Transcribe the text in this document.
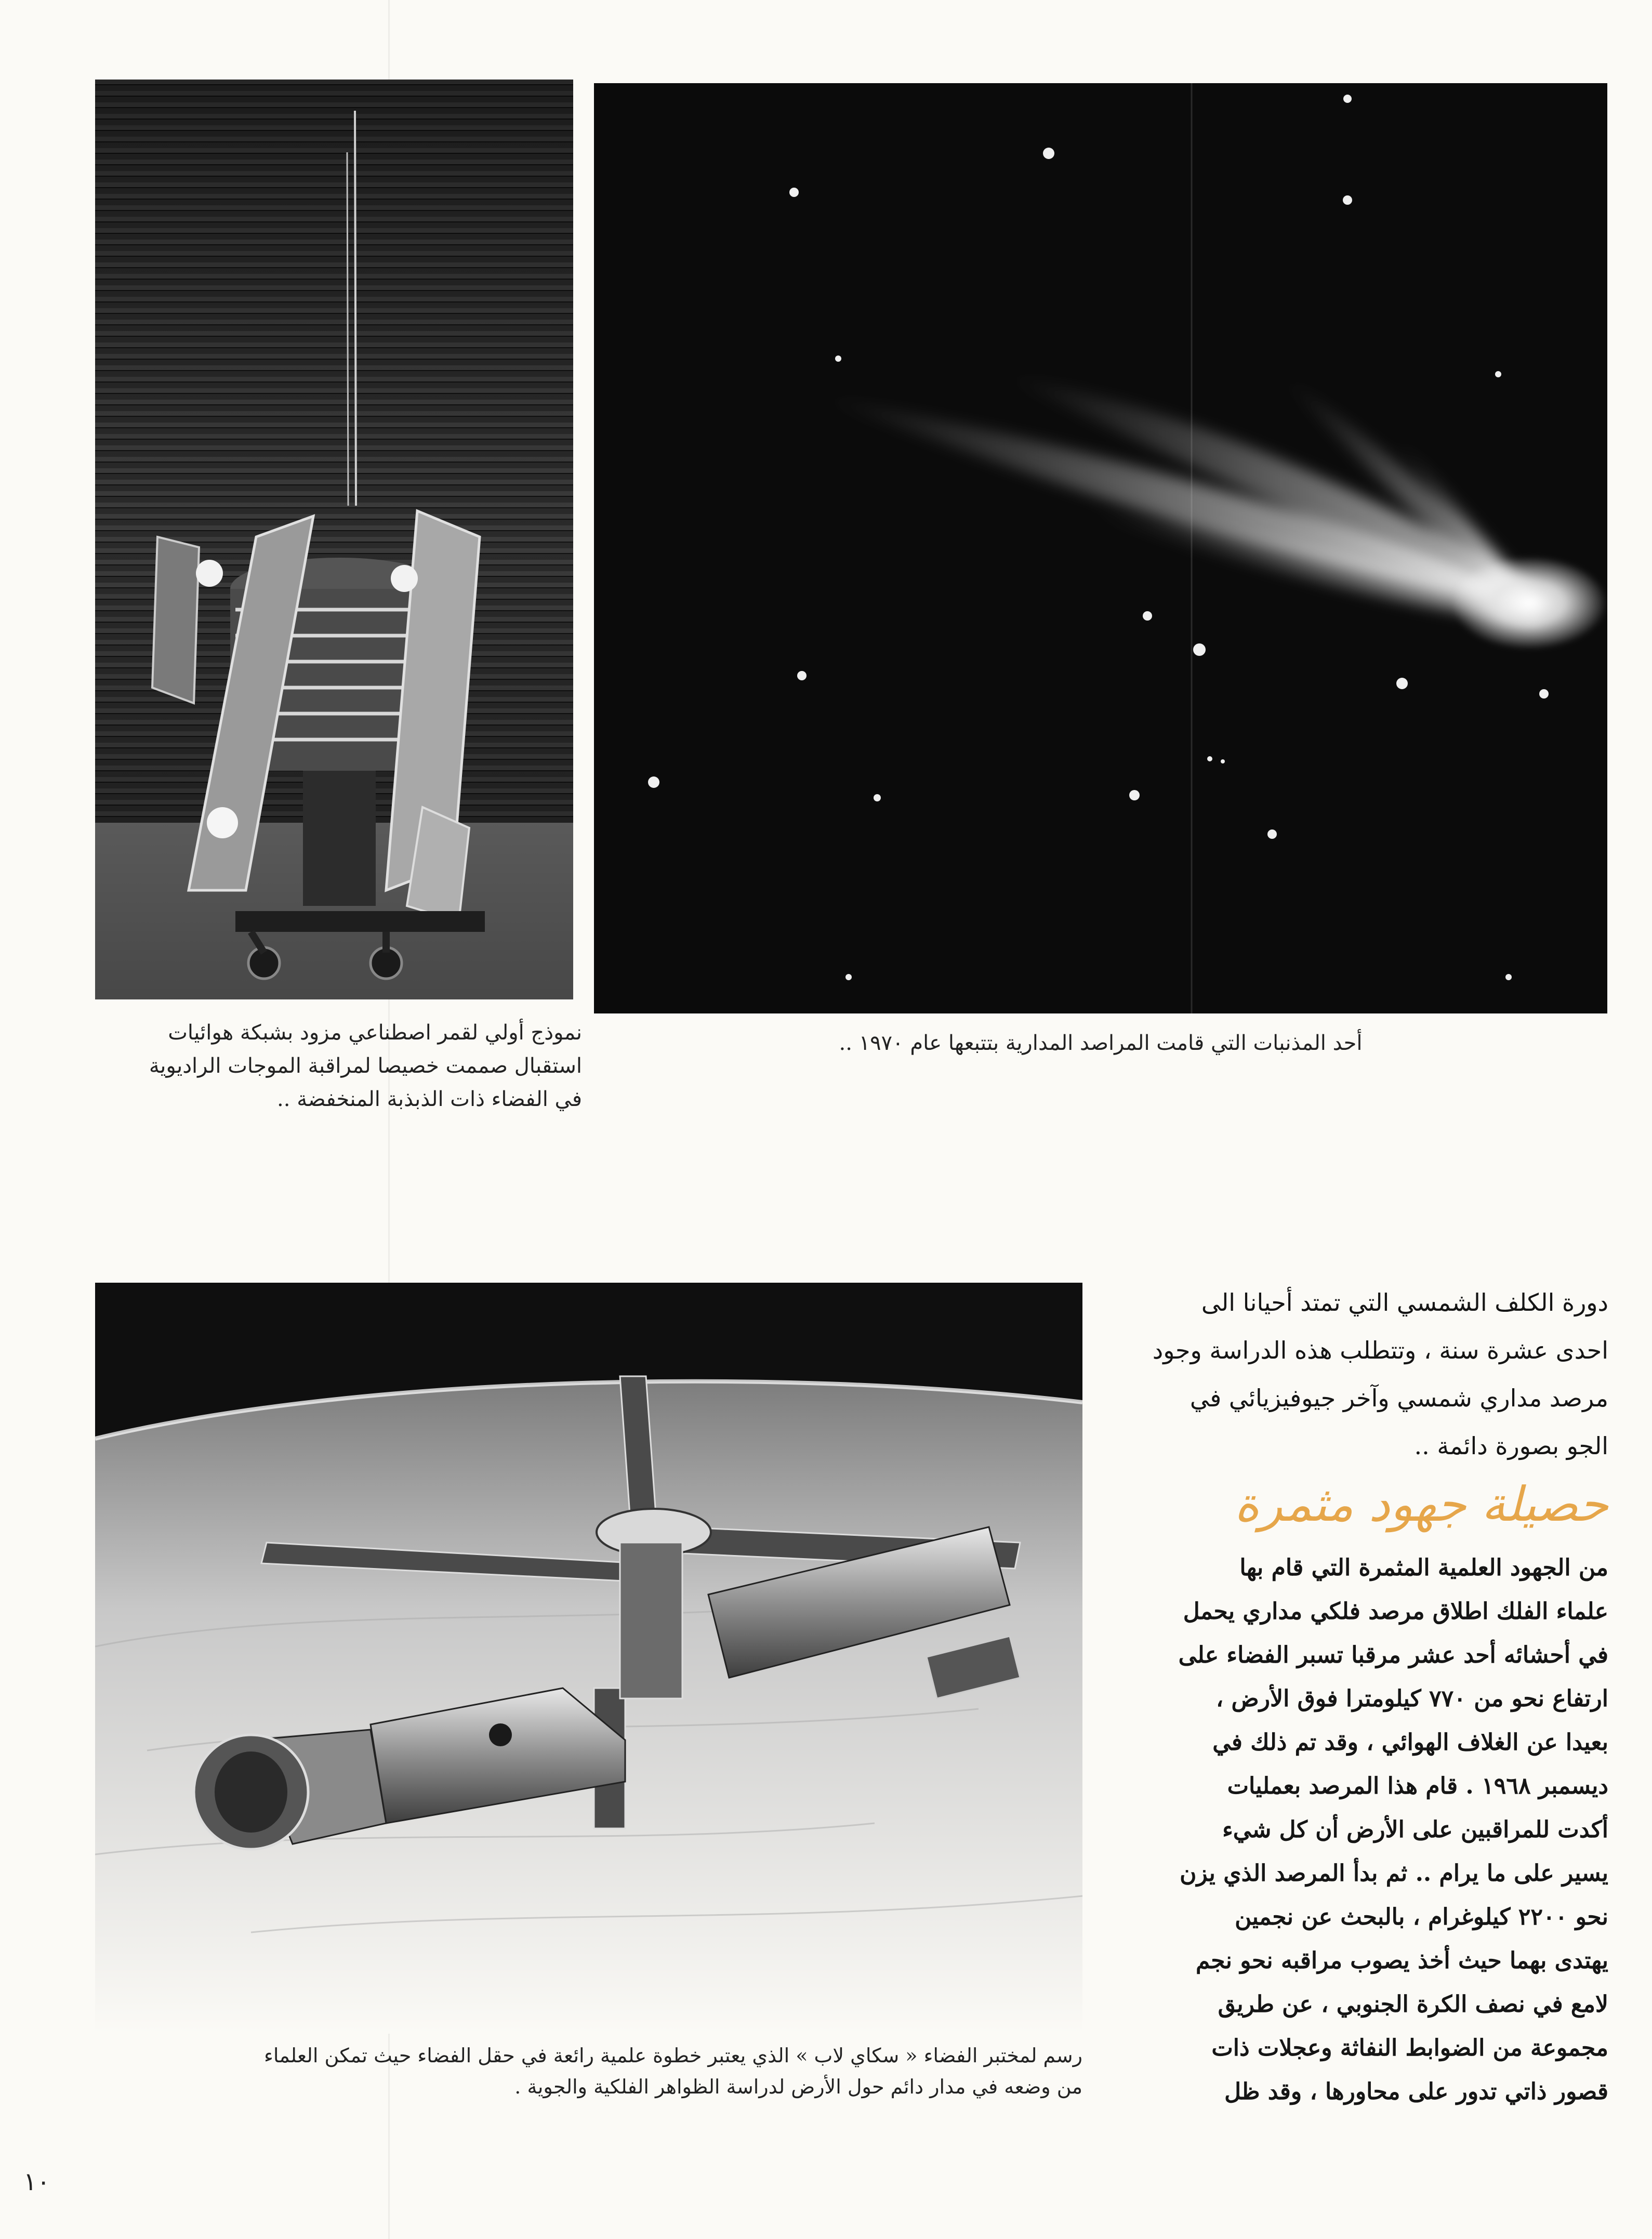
نموذج أولي لقمر اصطناعي مزود بشبكة هوائيات
استقبال صممت خصيصا لمراقبة الموجات الراديوية
في الفضاء ذات الذبذبة المنخفضة ..
أحد المذنبات التي قامت المراصد المدارية بتتبعها عام ١٩٧٠ ..
رسم لمختبر الفضاء « سكاي لاب » الذي يعتبر خطوة علمية رائعة في حقل الفضاء حيث تمكن العلماء
من وضعه في مدار دائم حول الأرض لدراسة الظواهر الفلكية والجوية .

دورة الكلف الشمسي التي تمتد أحيانا الى

احدى عشرة سنة ، وتتطلب هذه الدراسة وجود

مرصد مداري شمسي وآخر جيوفيزيائي في

الجو بصورة دائمة ..

حصيلة جهود مثمرة

من الجهود العلمية المثمرة التي قام بها

علماء الفلك اطلاق مرصد فلكي مداري يحمل

في أحشائه أحد عشر مرقبا تسبر الفضاء على

ارتفاع نحو من ٧٧٠ كيلومترا فوق الأرض ،

بعيدا عن الغلاف الهوائي ، وقد تم ذلك في

ديسمبر ١٩٦٨ . قام هذا المرصد بعمليات

أكدت للمراقبين على الأرض أن كل شيء

يسير على ما يرام .. ثم بدأ المرصد الذي يزن

نحو ٢٢٠٠ كيلوغرام ، بالبحث عن نجمين

يهتدى بهما حيث أخذ يصوب مراقبه نحو نجم

لامع في نصف الكرة الجنوبي ، عن طريق

مجموعة من الضوابط النفاثة وعجلات ذات

قصور ذاتي تدور على محاورها ، وقد ظل

١٠
